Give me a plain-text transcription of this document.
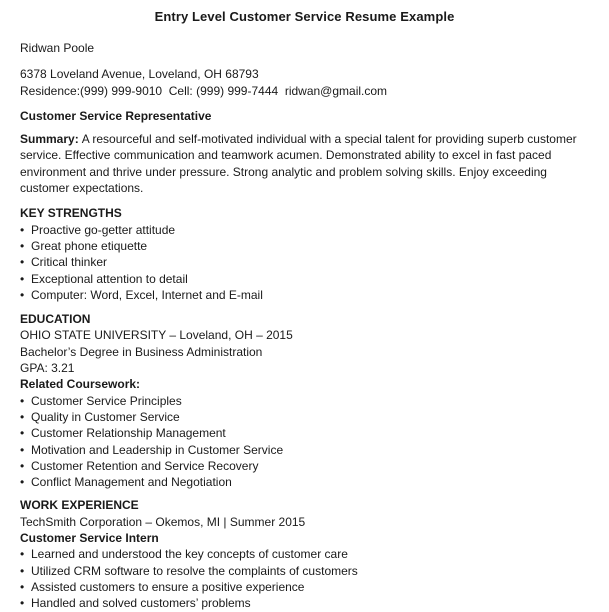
Entry Level Customer Service Resume Example

Ridwan Poole

6378 Loveland Avenue, Loveland, OH 68793
Residence:(999) 999-9010  Cell: (999) 999-7444  ridwan@gmail.com

Customer Service Representative

Summary: A resourceful and self-motivated individual with a special talent for providing superb customer service. Effective communication and teamwork acumen. Demonstrated ability to excel in fast paced environment and thrive under pressure. Strong analytic and problem solving skills. Enjoy exceeding customer expectations.

KEY STRENGTHS
• Proactive go-getter attitude
• Great phone etiquette
• Critical thinker
• Exceptional attention to detail
• Computer: Word, Excel, Internet and E-mail
EDUCATION
OHIO STATE UNIVERSITY – Loveland, OH – 2015
Bachelor’s Degree in Business Administration
GPA: 3.21
Related Coursework:
• Customer Service Principles
• Quality in Customer Service
• Customer Relationship Management
• Motivation and Leadership in Customer Service
• Customer Retention and Service Recovery
• Conflict Management and Negotiation
WORK EXPERIENCE
TechSmith Corporation – Okemos, MI | Summer 2015
Customer Service Intern
• Learned and understood the key concepts of customer care
• Utilized CRM software to resolve the complaints of customers
• Assisted customers to ensure a positive experience
• Handled and solved customers’ problems
